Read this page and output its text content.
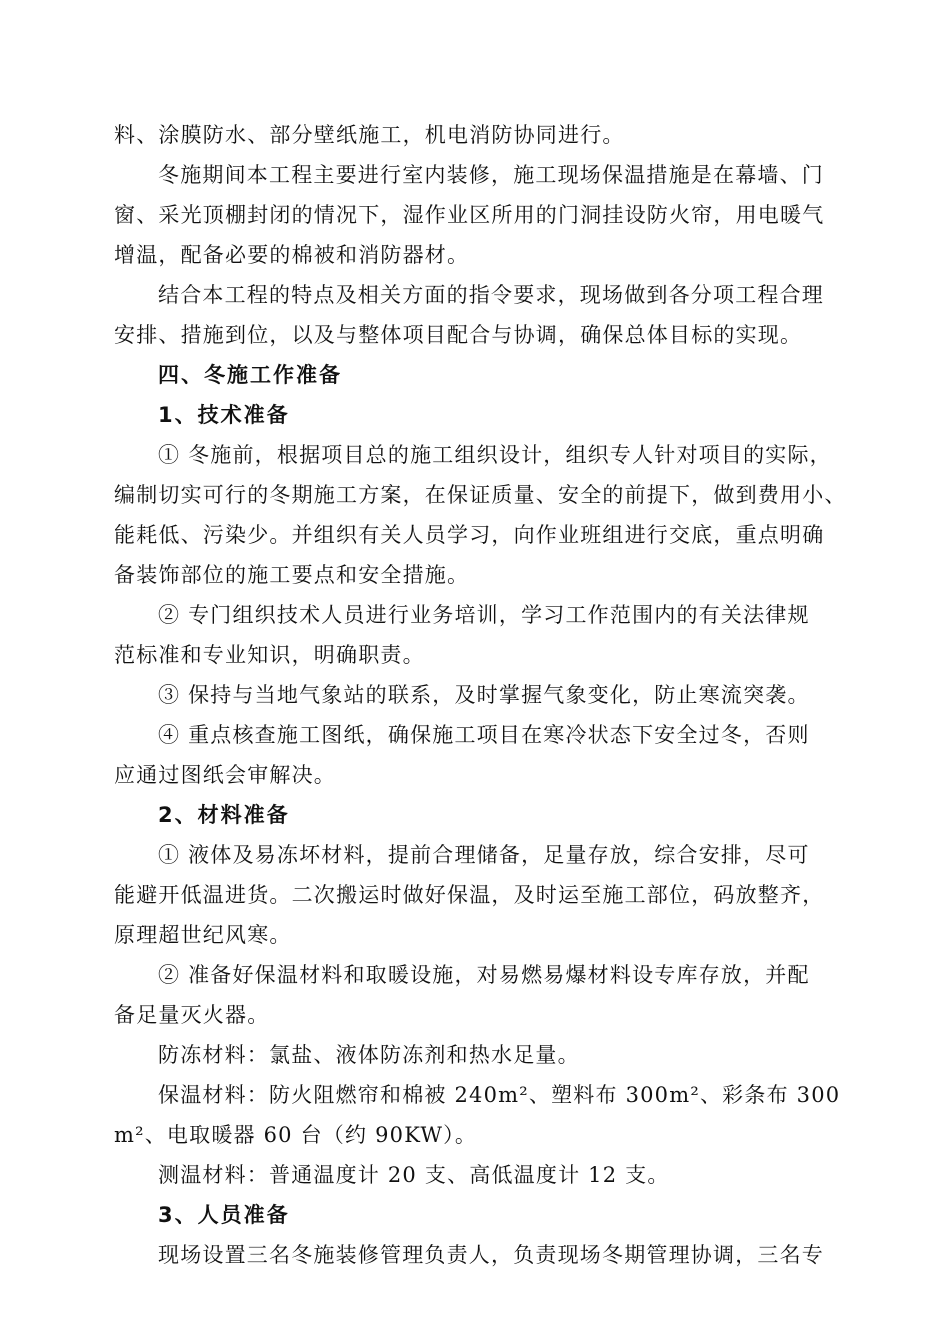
料、涂膜防水、部分壁纸施工，机电消防协同进行。
冬施期间本工程主要进行室内装修，施工现场保温措施是在幕墙、门
窗、采光顶棚封闭的情况下，湿作业区所用的门洞挂设防火帘，用电暖气
增温，配备必要的棉被和消防器材。
结合本工程的特点及相关方面的指令要求，现场做到各分项工程合理
安排、措施到位，以及与整体项目配合与协调，确保总体目标的实现。
四、冬施工作准备
1、技术准备
① 冬施前，根据项目总的施工组织设计，组织专人针对项目的实际，
编制切实可行的冬期施工方案，在保证质量、安全的前提下，做到费用小、
能耗低、污染少。并组织有关人员学习，向作业班组进行交底，重点明确
备装饰部位的施工要点和安全措施。
② 专门组织技术人员进行业务培训，学习工作范围内的有关法律规
范标准和专业知识，明确职责。
③ 保持与当地气象站的联系，及时掌握气象变化，防止寒流突袭。
④ 重点核查施工图纸，确保施工项目在寒冷状态下安全过冬，否则
应通过图纸会审解决。
2、材料准备
① 液体及易冻坏材料，提前合理储备，足量存放，综合安排，尽可
能避开低温进货。二次搬运时做好保温，及时运至施工部位，码放整齐，
原理超世纪风寒。
② 准备好保温材料和取暖设施，对易燃易爆材料设专库存放，并配
备足量灭火器。
防冻材料：氯盐、液体防冻剂和热水足量。
保温材料：防火阻燃帘和棉被 240m²、塑料布 300m²、彩条布 300
m²、电取暖器 60 台（约 90KW）。
测温材料：普通温度计 20 支、高低温度计 12 支。
3、人员准备
现场设置三名冬施装修管理负责人，负责现场冬期管理协调，三名专
